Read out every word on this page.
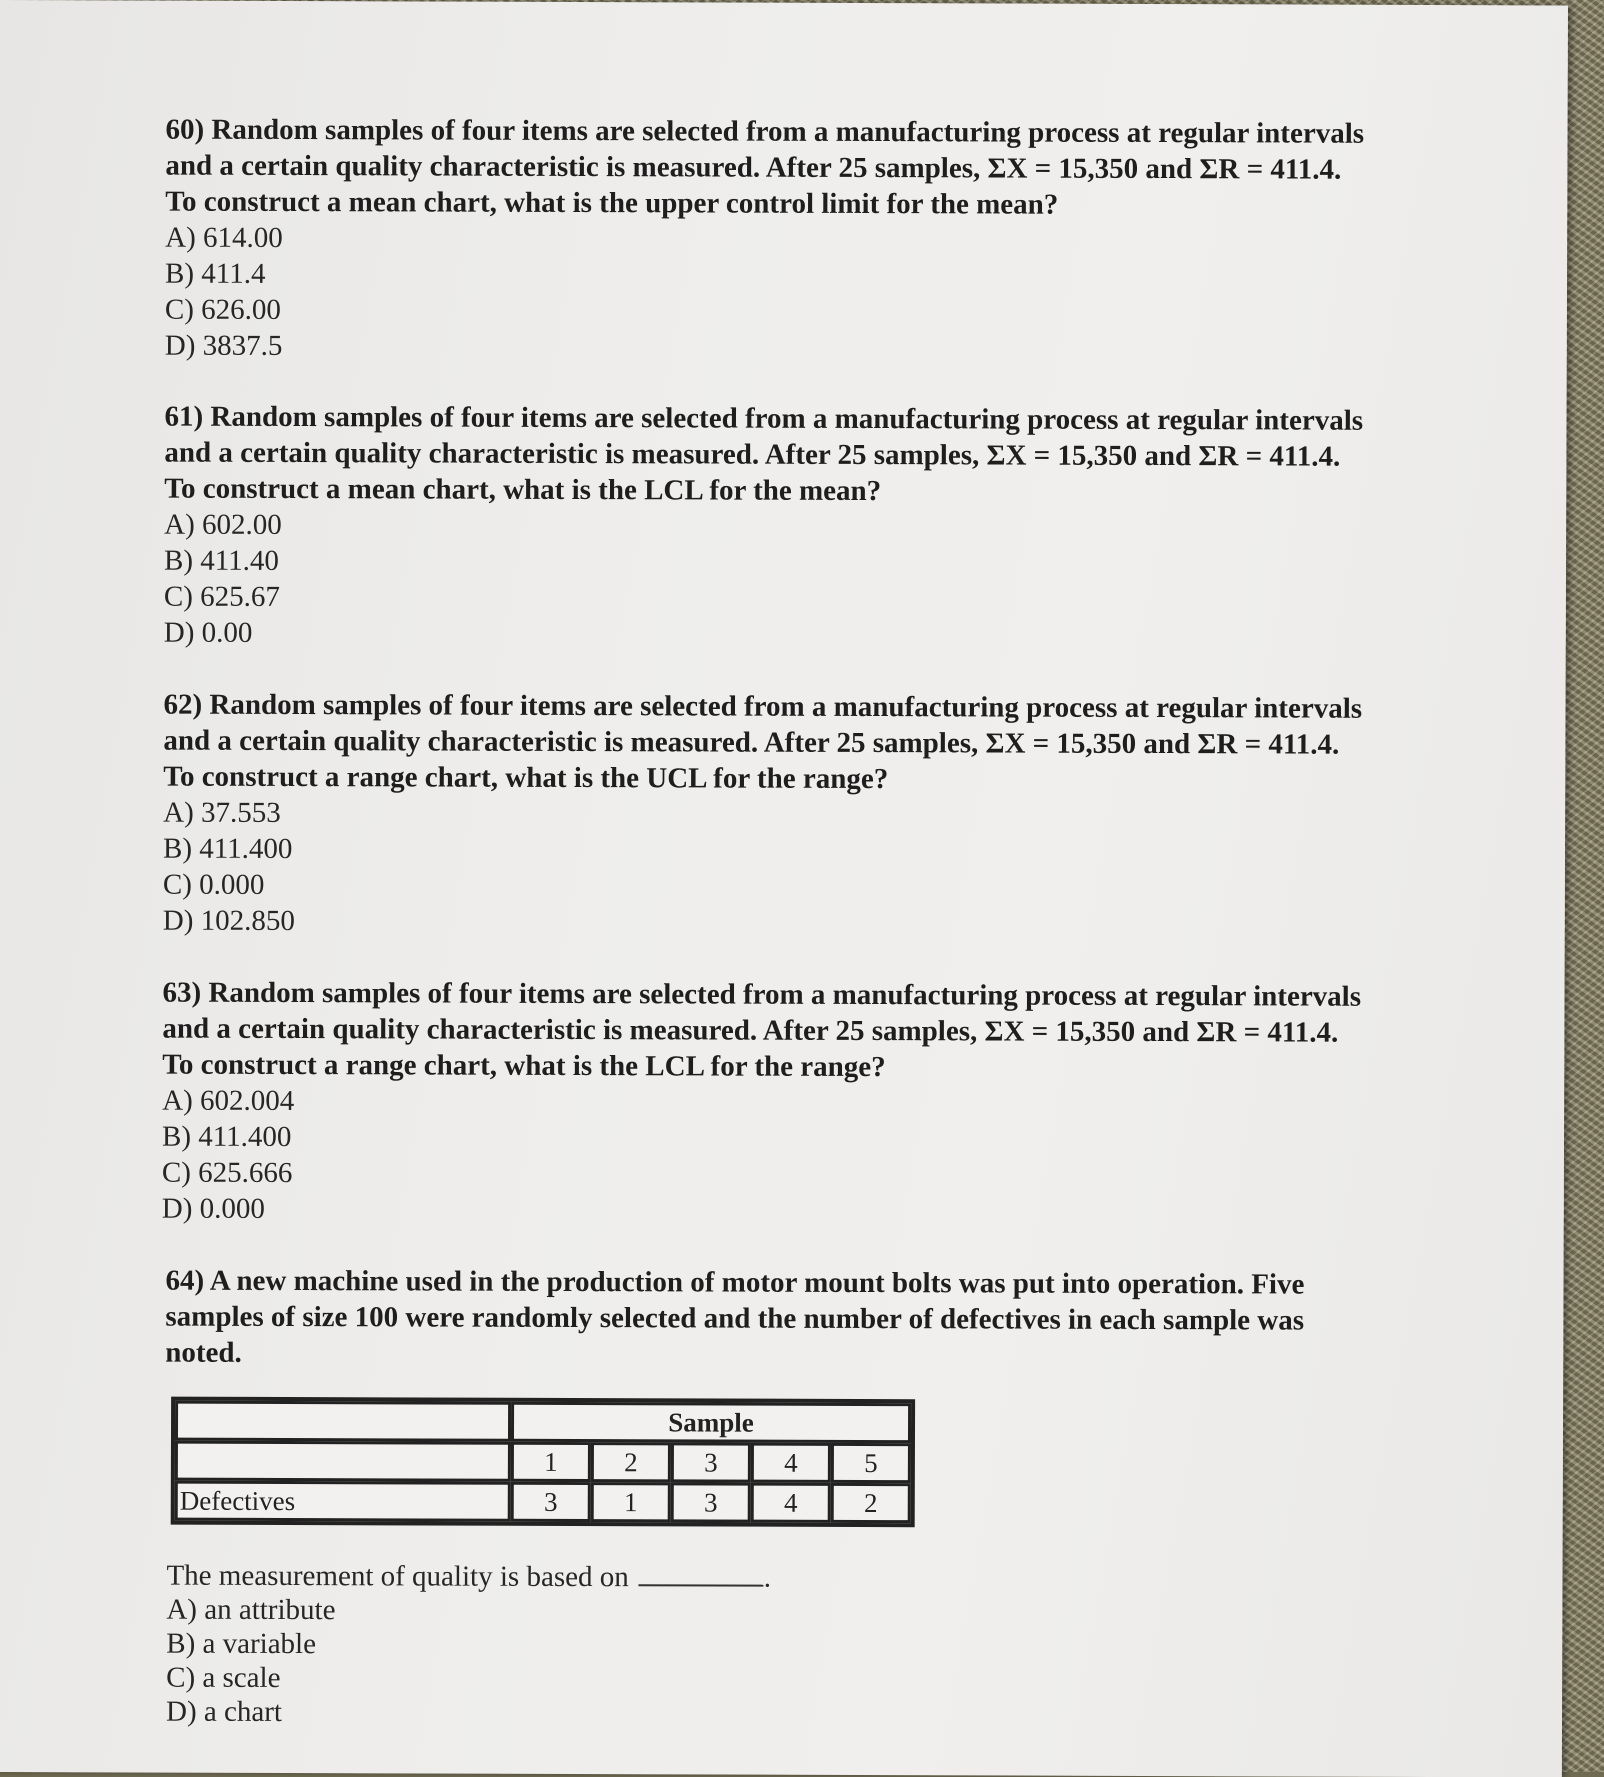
60) Random samples of four items are selected from a manufacturing process at regular intervals
and a certain quality characteristic is measured. After 25 samples, ΣX = 15,350 and ΣR = 411.4.
To construct a mean chart, what is the upper control limit for the mean?
A) 614.00
B) 411.4
C) 626.00
D) 3837.5
61) Random samples of four items are selected from a manufacturing process at regular intervals
and a certain quality characteristic is measured. After 25 samples, ΣX = 15,350 and ΣR = 411.4.
To construct a mean chart, what is the LCL for the mean?
A) 602.00
B) 411.40
C) 625.67
D) 0.00
62) Random samples of four items are selected from a manufacturing process at regular intervals
and a certain quality characteristic is measured. After 25 samples, ΣX = 15,350 and ΣR = 411.4.
To construct a range chart, what is the UCL for the range?
A) 37.553
B) 411.400
C) 0.000
D) 102.850
63) Random samples of four items are selected from a manufacturing process at regular intervals
and a certain quality characteristic is measured. After 25 samples, ΣX = 15,350 and ΣR = 411.4.
To construct a range chart, what is the LCL for the range?
A) 602.004
B) 411.400
C) 625.666
D) 0.000
64) A new machine used in the production of motor mount bolts was put into operation. Five
samples of size 100 were randomly selected and the number of defectives in each sample was
noted.
	Sample				
	1	2	3	4	5
Defectives	3	1	3	4	2
The measurement of quality is based on	.
A) an attribute
B) a variable
C) a scale
D) a chart
